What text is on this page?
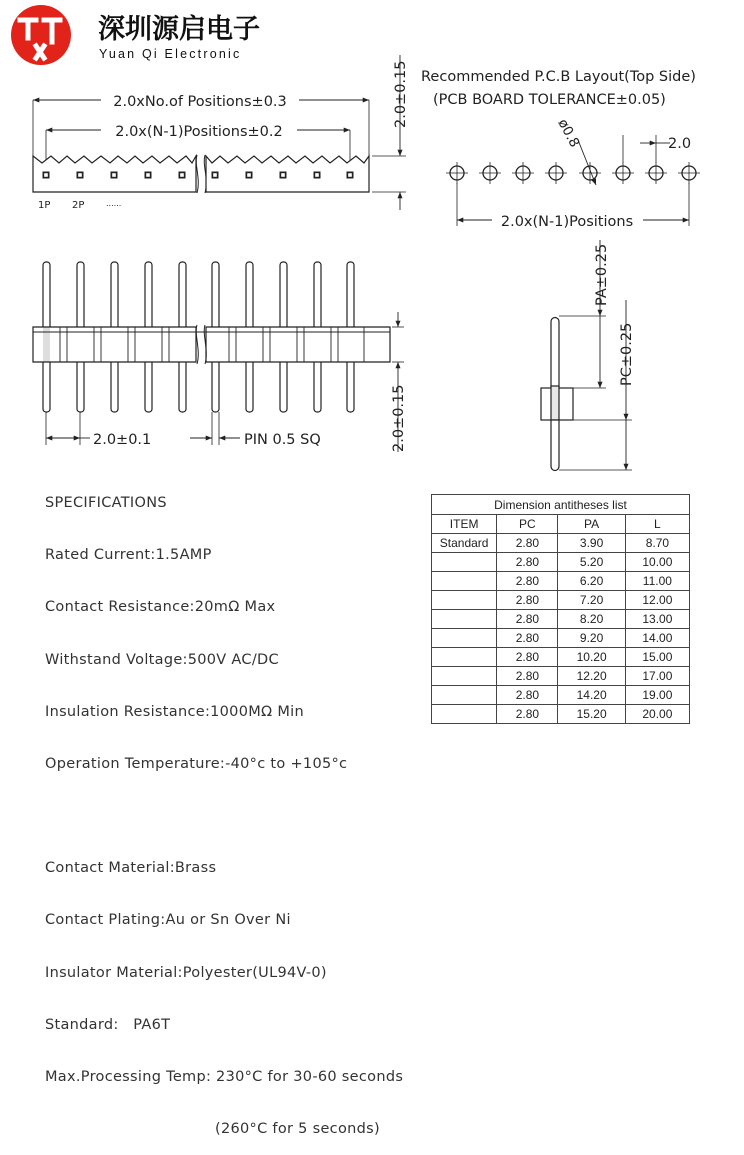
深圳源启电子
Yuan Qi Electronic
2.0xNo.of Positions±0.3
2.0x(N-1)Positions±0.2
1P 2P	......
2.0±0.15 Recommended P.C.B Layout(Top Side)
(PCB BOARD TOLERANCE±0.05)
ø0.8	2.0
2.0x(N-1)Positions
2.0±0.1	PIN 0.5 SQ	2.0±0.15
PA±0.25
PC±0.25

SPECIFICATIONS

Rated Current:1.5AMP

Contact Resistance:20mΩ Max

Withstand Voltage:500V AC/DC

Insulation Resistance:1000MΩ Min

Operation Temperature:-40°c to +105°c

Contact Material:Brass

Contact Plating:Au or Sn Over Ni

Insulator Material:Polyester(UL94V-0)

Standard:   PA6T

Max.Processing Temp: 230°C for 30-60 seconds

(260°C for 5 seconds)

Dimension antitheses list			
ITEM	PC	PA	L
Standard	2.80	3.90	8.70
	2.80	5.20	10.00
	2.80	6.20	11.00
	2.80	7.20	12.00
	2.80	8.20	13.00
	2.80	9.20	14.00
	2.80	10.20	15.00
	2.80	12.20	17.00
	2.80	14.20	19.00
	2.80	15.20	20.00
